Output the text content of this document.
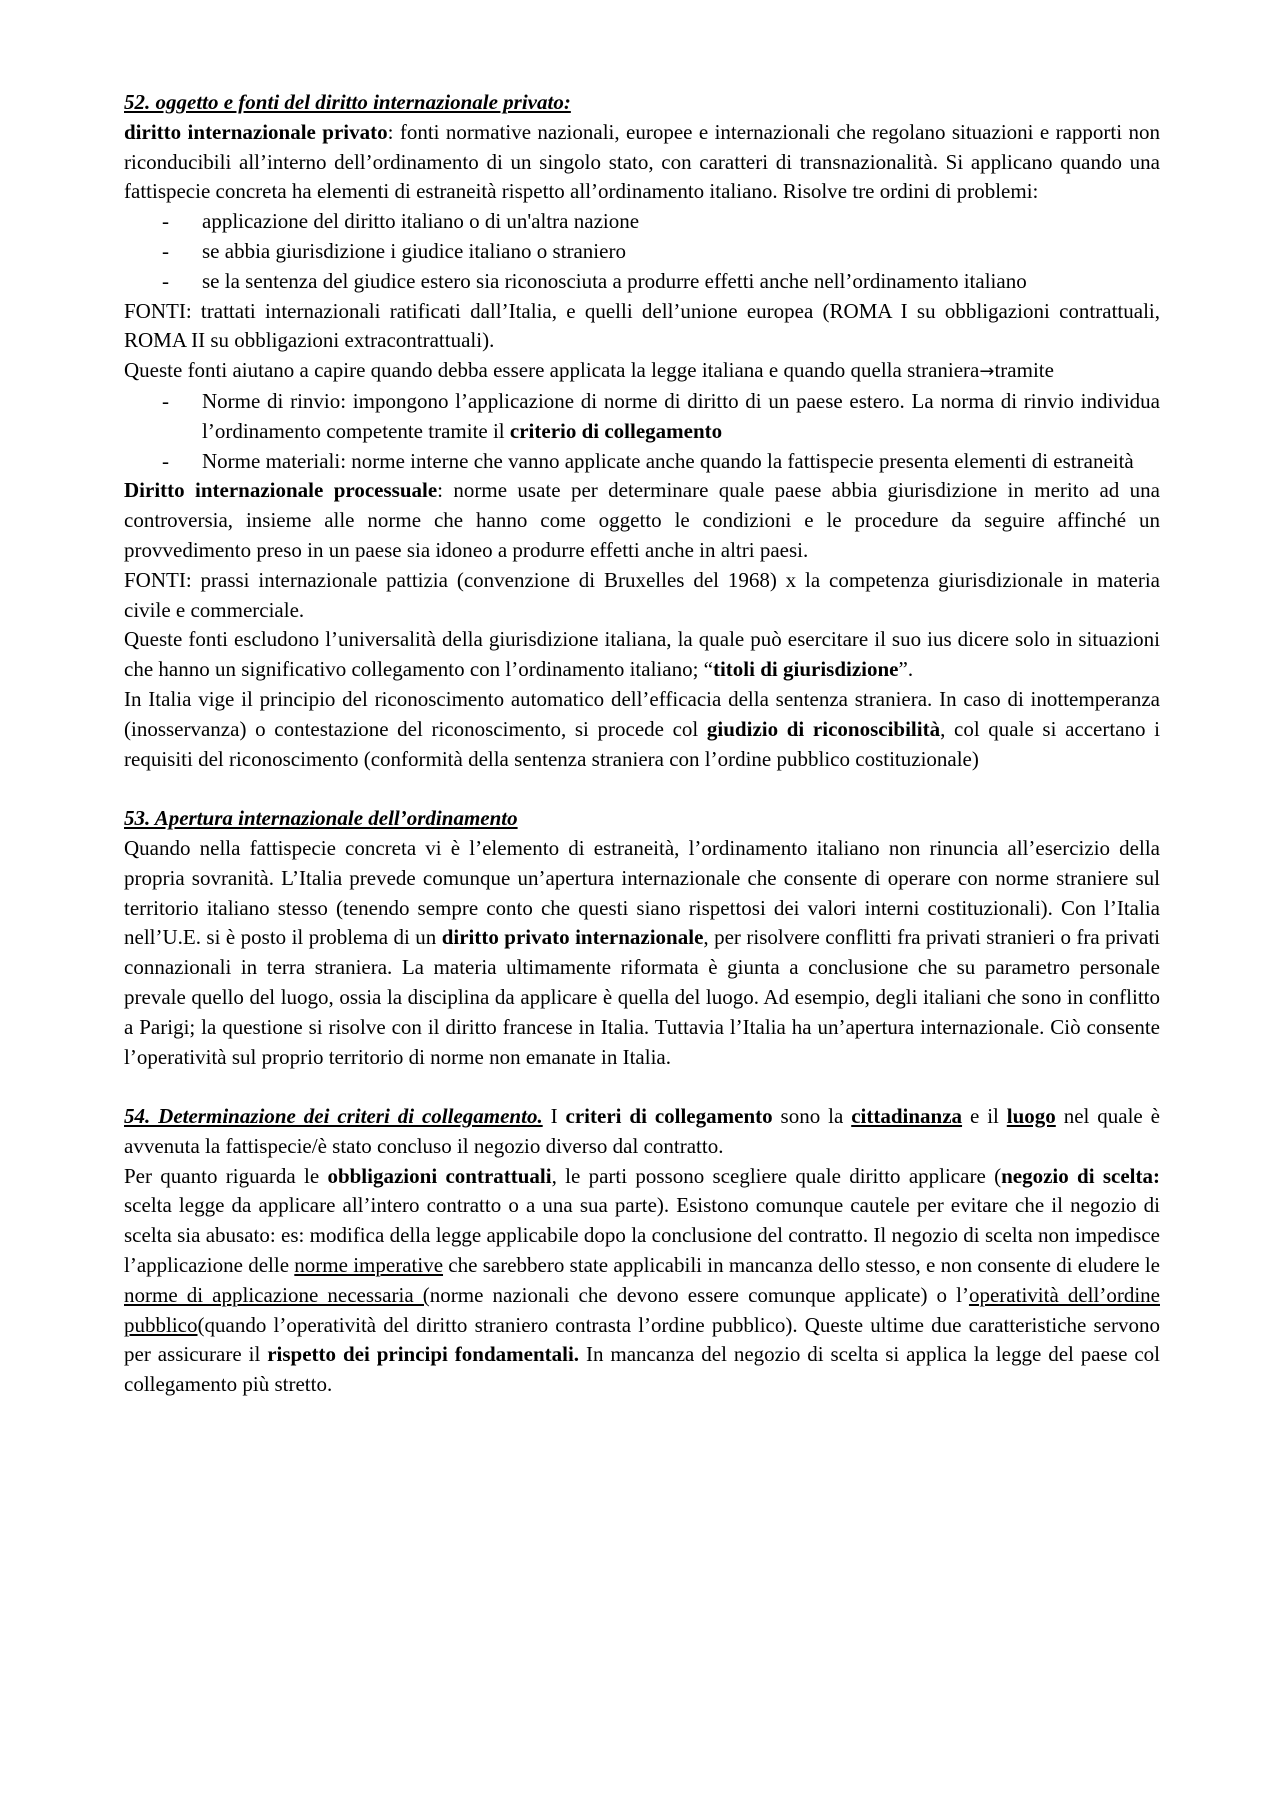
52. oggetto e fonti del diritto internazionale privato:

diritto internazionale privato: fonti normative nazionali, europee e internazionali che regolano situazioni e rapporti non riconducibili all’interno dell’ordinamento di un singolo stato, con caratteri di transnazionalità. Si applicano quando una fattispecie concreta ha elementi di estraneità rispetto all’ordinamento italiano. Risolve tre ordini di problemi:

- applicazione del diritto italiano o di un'altra nazione
- se abbia giurisdizione i giudice italiano o straniero
- se la sentenza del giudice estero sia riconosciuta a produrre effetti anche nell’ordinamento italiano

FONTI: trattati internazionali ratificati dall’Italia, e quelli dell’unione europea (ROMA I su obbligazioni contrattuali, ROMA II su obbligazioni extracontrattuali).

Queste fonti aiutano a capire quando debba essere applicata la legge italiana e quando quella straniera→tramite

- Norme di rinvio: impongono l’applicazione di norme di diritto di un paese estero. La norma di rinvio individua l’ordinamento competente tramite il criterio di collegamento
- Norme materiali: norme interne che vanno applicate anche quando la fattispecie presenta elementi di estraneità

Diritto internazionale processuale: norme usate per determinare quale paese abbia giurisdizione in merito ad una controversia, insieme alle norme che hanno come oggetto le condizioni e le procedure da seguire affinché un provvedimento preso in un paese sia idoneo a produrre effetti anche in altri paesi.

FONTI: prassi internazionale pattizia (convenzione di Bruxelles del 1968) x la competenza giurisdizionale in materia civile e commerciale.

Queste fonti escludono l’universalità della giurisdizione italiana, la quale può esercitare il suo ius dicere solo in situazioni che hanno un significativo collegamento con l’ordinamento italiano; “titoli di giurisdizione”.

In Italia vige il principio del riconoscimento automatico dell’efficacia della sentenza straniera. In caso di inottemperanza (inosservanza) o contestazione del riconoscimento, si procede col giudizio di riconoscibilità, col quale si accertano i requisiti del riconoscimento (conformità della sentenza straniera con l’ordine pubblico costituzionale)

53. Apertura internazionale dell’ordinamento

Quando nella fattispecie concreta vi è l’elemento di estraneità, l’ordinamento italiano non rinuncia all’esercizio della propria sovranità. L’Italia prevede comunque un’apertura internazionale che consente di operare con norme straniere sul territorio italiano stesso (tenendo sempre conto che questi siano rispettosi dei valori interni costituzionali). Con l’Italia nell’U.E. si è posto il problema di un diritto privato internazionale, per risolvere conflitti fra privati stranieri o fra privati connazionali in terra straniera. La materia ultimamente riformata è giunta a conclusione che su parametro personale prevale quello del luogo, ossia la disciplina da applicare è quella del luogo. Ad esempio, degli italiani che sono in conflitto a Parigi; la questione si risolve con il diritto francese in Italia. Tuttavia l’Italia ha un’apertura internazionale. Ciò consente l’operatività sul proprio territorio di norme non emanate in Italia.

54. Determinazione dei criteri di collegamento. I criteri di collegamento sono la cittadinanza e il luogo nel quale è avvenuta la fattispecie/è stato concluso il negozio diverso dal contratto.

Per quanto riguarda le obbligazioni contrattuali, le parti possono scegliere quale diritto applicare (negozio di scelta: scelta legge da applicare all’intero contratto o a una sua parte). Esistono comunque cautele per evitare che il negozio di scelta sia abusato: es: modifica della legge applicabile dopo la conclusione del contratto. Il negozio di scelta non impedisce l’applicazione delle norme imperative che sarebbero state applicabili in mancanza dello stesso, e non consente di eludere le norme di applicazione necessaria (norme nazionali che devono essere comunque applicate) o l’operatività dell’ordine pubblico(quando l’operatività del diritto straniero contrasta l’ordine pubblico). Queste ultime due caratteristiche servono per assicurare il rispetto dei principi fondamentali. In mancanza del negozio di scelta si applica la legge del paese col collegamento più stretto.
